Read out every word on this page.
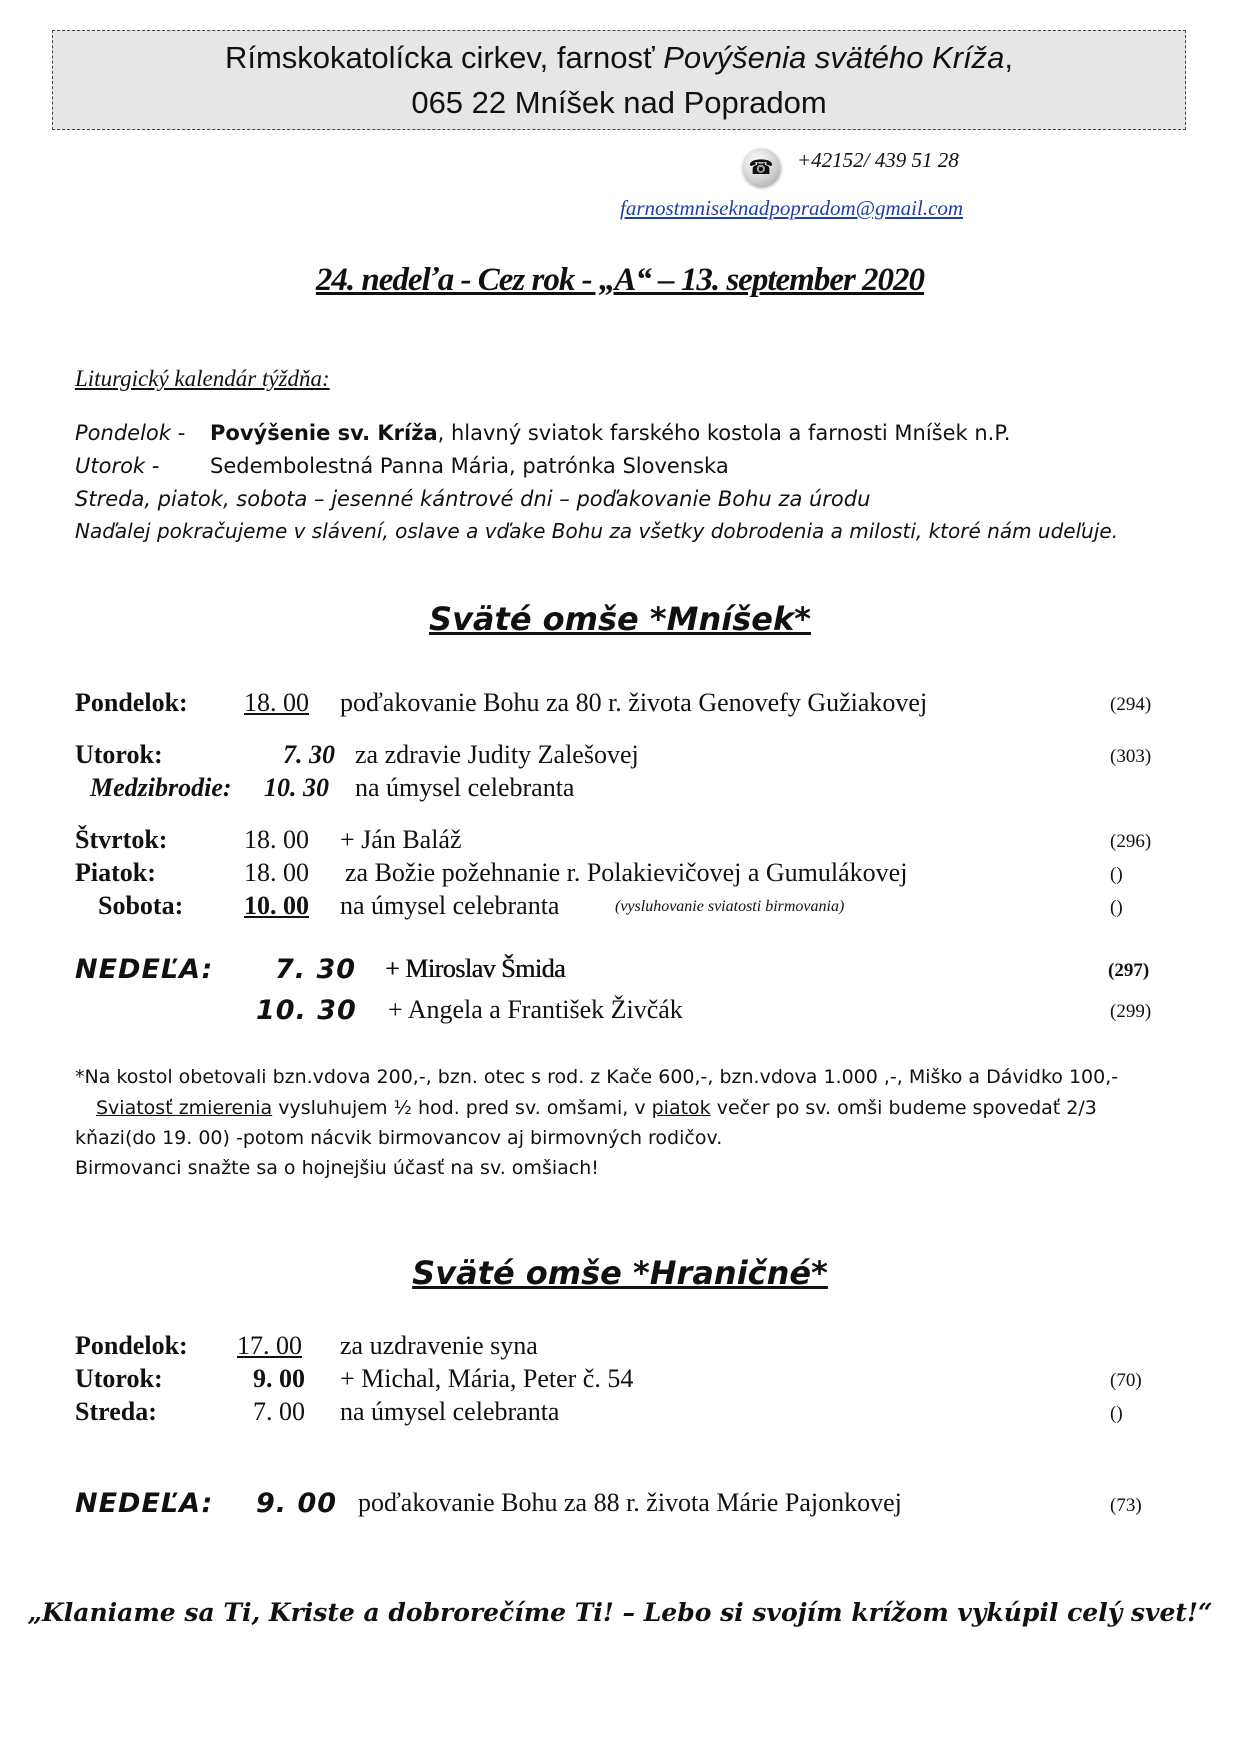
Rímskokatolícka cirkev, farnosť Povýšenia svätého Kríža,
065 22 Mníšek nad Popradom
☎	+42152/ 439 51 28
farnostmniseknadpopradom@gmail.com
24. nedeľa - Cez rok - „A“ – 13. september 2020
Liturgický kalendár týždňa:
Pondelok - Povýšenie sv. Kríža, hlavný sviatok farského kostola a farnosti Mníšek n.P.
Utorok - Sedembolestná Panna Mária, patrónka Slovenska
Streda, piatok, sobota – jesenné kántrové dni – poďakovanie Bohu za úrodu
Naďalej pokračujeme v slávení, oslave a vďake Bohu za všetky dobrodenia a milosti, ktoré nám udeľuje.
Sväté omše *Mníšek*
Pondelok: 18. 00 poďakovanie Bohu za 80 r. života Genovefy Gužiakovej	(294)
Utorok:	7. 30 za zdravie Judity Zalešovej	(303)
Medzibrodie: 10. 30 na úmysel celebranta
Štvrtok:	18. 00 + Ján Baláž	(296)
Piatok:	18. 00 za Božie požehnanie r. Polakievičovej a Gumulákovej	()
Sobota: 10. 00 na úmysel celebranta	(vysluhovanie sviatosti birmovania)	()
NEDEĽA: 7. 30 + Miroslav Šmida	(297)
10. 30 + Angela a František Živčák	(299)
*Na kostol obetovali bzn.vdova 200,-, bzn. otec s rod. z Kače 600,-, bzn.vdova 1.000 ,-, Miško a Dávidko 100,-
Sviatosť zmierenia vysluhujem ½ hod. pred sv. omšami, v piatok večer po sv. omši budeme spovedať 2/3
kňazi(do 19. 00) -potom nácvik birmovancov aj birmovných rodičov.
Birmovanci snažte sa o hojnejšiu účasť na sv. omšiach!
Sväté omše *Hraničné*
Pondelok: 17. 00 za uzdravenie syna
Utorok:	9. 00 + Michal, Mária, Peter č. 54	(70)
Streda:	7. 00 na úmysel celebranta	()
NEDEĽA: 9. 00 poďakovanie Bohu za 88 r. života Márie Pajonkovej	(73)
„Klaniame sa Ti, Kriste a dobrorečíme Ti! – Lebo si svojím krížom vykúpil celý svet!“
